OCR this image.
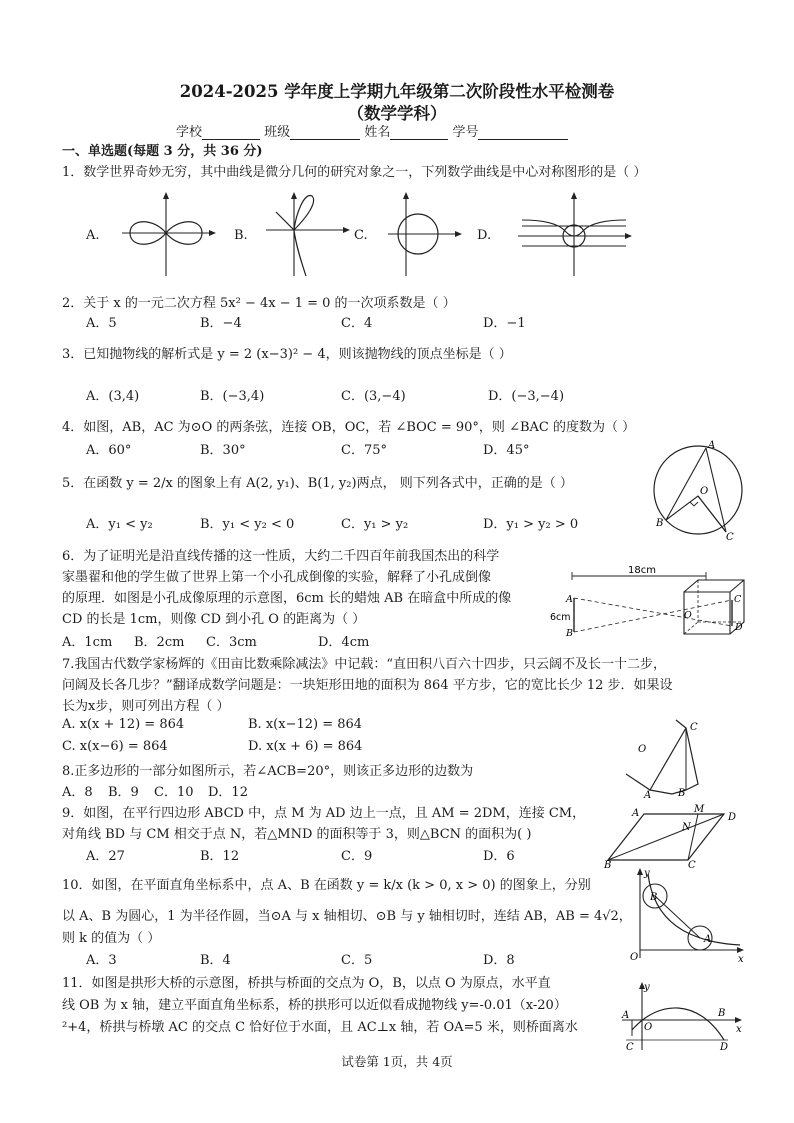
2024-2025 学年度上学期九年级第二次阶段性水平检测卷
（数学学科）
学校	班级	姓名	学号
一、单选题(每题 3 分，共 36 分)
1．数学世界奇妙无穷，其中曲线是微分几何的研究对象之一，下列数学曲线是中心对称图形的是（ ）
A.	B.	C.	D.
2．关于 x 的一元二次方程 5x² − 4x − 1 = 0 的一次项系数是（ ）
A．5	B．−4	C．4	D．−1
3．已知抛物线的解析式是 y = 2 (x−3)² − 4，则该抛物线的顶点坐标是（ ）
A．(3,4)	B．(−3,4)	C．(3,−4)	D．(−3,−4)
4．如图，AB，AC 为⊙O 的两条弦，连接 OB，OC，若 ∠BOC = 90°，则 ∠BAC 的度数为（ ）
A．60°	B．30°	C．75°	D．45°
5．在函数 y = 2/x 的图象上有 A(2, y₁)、B(1, y₂)两点， 则下列各式中，正确的是（ ）
A．y₁ < y₂	B．y₁ < y₂ < 0	C．y₁ > y₂	D．y₁ > y₂ > 0
A
O
B
C
6．为了证明光是沿直线传播的这一性质，大约二千四百年前我国杰出的科学
家墨翟和他的学生做了世界上第一个小孔成倒像的实验，解释了小孔成倒像
的原理．如图是小孔成像原理的示意图，6cm 长的蜡烛 AB 在暗盒中所成的像
CD 的长是 1cm，则像 CD 到小孔 O 的距离为（ ）
A．1cm B．2cm C．3cm	D．4cm
18cm
6cm
A
B
O
C
D
7.我国古代数学家杨辉的《田亩比数乘除减法》中记载：“直田积八百六十四步，只云阔不及长一十二步，
问阔及长各几步？”翻译成数学问题是：一块矩形田地的面积为 864 平方步，它的宽比长少 12 步．如果设
长为x步，则可列出方程（ ）
A. x(x + 12) = 864	B. x(x−12) = 864
C. x(x−6) = 864	D. x(x + 6) = 864
8.正多边形的一部分如图所示，若∠ACB=20°，则该正多边形的边数为
A．8 B．9 C．10 D．12
O
C
B
A
9．如图，在平行四边形 ABCD 中，点 M 为 AD 边上一点，且 AM = 2DM，连接 CM，
对角线 BD 与 CM 相交于点 N，若△MND 的面积等于 3，则△BCN 的面积为( )
A．27	B．12	C．9	D．6
A	M
D
N
B	C
10．如图，在平面直角坐标系中，点 A、B 在函数 y = k/x (k > 0, x > 0) 的图象上，分别
以 A、B 为圆心，1 为半径作圆，当⊙A 与 x 轴相切、⊙B 与 y 轴相切时，连结 AB，AB = 4√2，
则 k 的值为（ ）
A．3	B．4	C．5	D．8
y
B
A
O	x
11．如图是拱形大桥的示意图，桥拱与桥面的交点为 O，B，以点 O 为原点，水平直
线 OB 为 x 轴，建立平面直角坐标系，桥的拱形可以近似看成抛物线 y=-0.01（x-20）
²+4，桥拱与桥墩 AC 的交点 C 恰好位于水面，且 AC⊥x 轴，若 OA=5 米，则桥面离水
y
A
O
B
x
C	D
试卷第 1页，共 4页
